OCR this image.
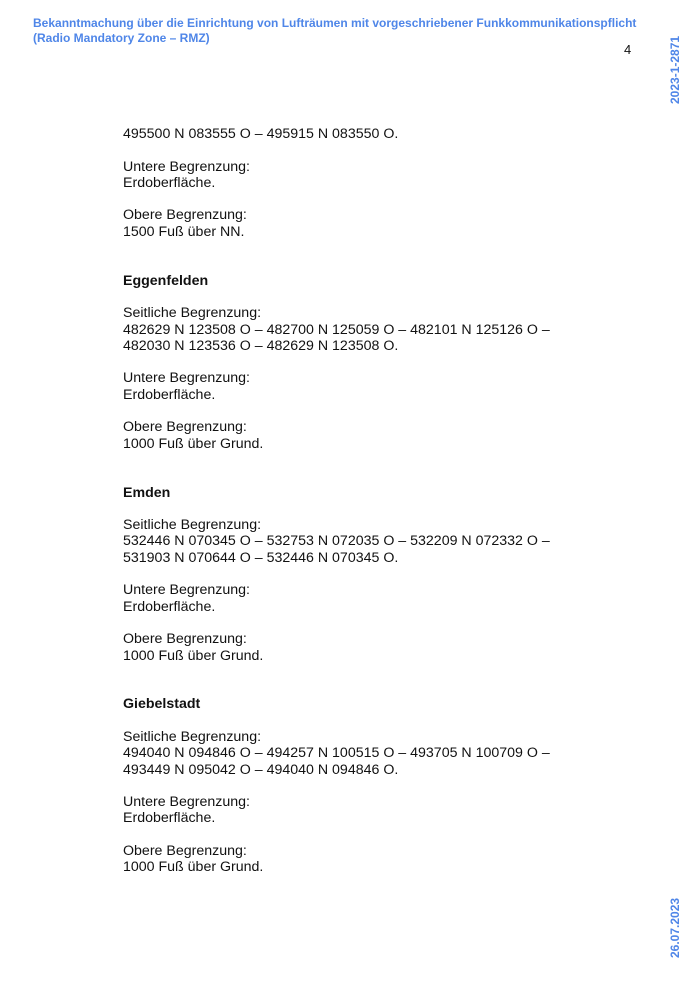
Bekanntmachung über die Einrichtung von Lufträumen mit vorgeschriebener Funkkommunikationspflicht (Radio Mandatory Zone – RMZ)
4	2023-1-2871
26.07.2023
495500 N 083555 O – 495915 N 083550 O.
Untere Begrenzung:
Erdoberfläche.
Obere Begrenzung:
1500 Fuß über NN.
Eggenfelden
Seitliche Begrenzung:
482629 N 123508 O – 482700 N 125059 O – 482101 N 125126 O –
482030 N 123536 O – 482629 N 123508 O.
Untere Begrenzung:
Erdoberfläche.
Obere Begrenzung:
1000 Fuß über Grund.
Emden
Seitliche Begrenzung:
532446 N 070345 O – 532753 N 072035 O – 532209 N 072332 O –
531903 N 070644 O – 532446 N 070345 O.
Untere Begrenzung:
Erdoberfläche.
Obere Begrenzung:
1000 Fuß über Grund.
Giebelstadt
Seitliche Begrenzung:
494040 N 094846 O – 494257 N 100515 O – 493705 N 100709 O –
493449 N 095042 O – 494040 N 094846 O.
Untere Begrenzung:
Erdoberfläche.
Obere Begrenzung:
1000 Fuß über Grund.
